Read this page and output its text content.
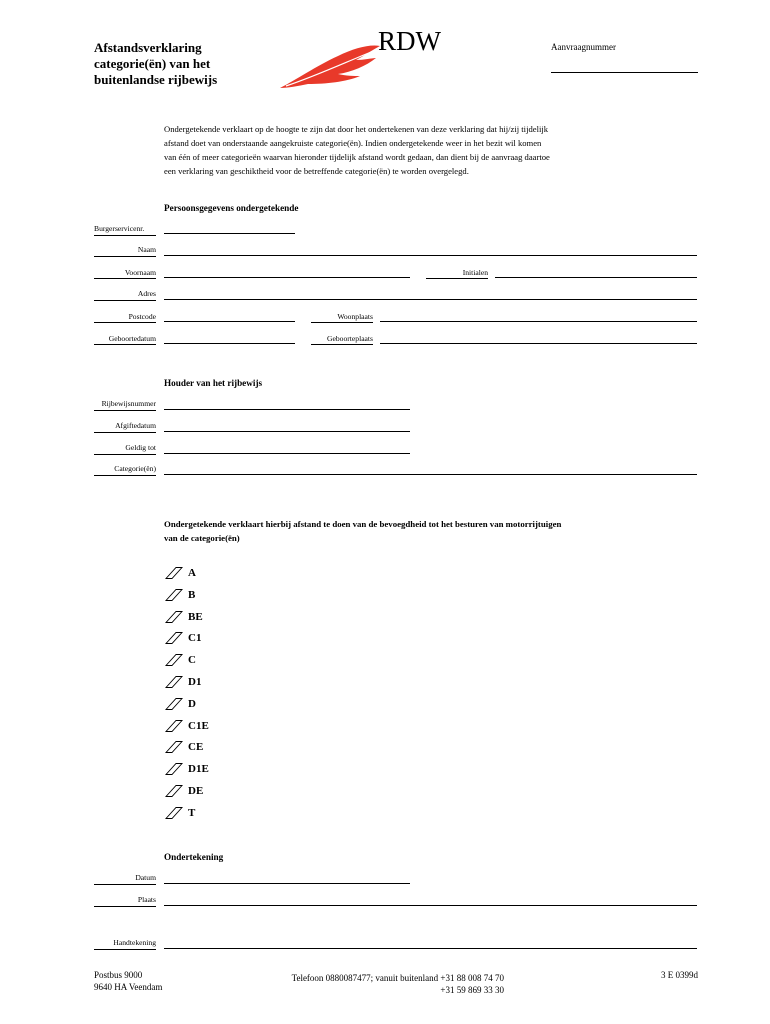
Afstandsverklaring
categorie(ën) van het
buitenlandse rijbewijs
RDW	Aanvraagnummer
Ondergetekende verklaart op de hoogte te zijn dat door het ondertekenen van deze verklaring dat hij/zij tijdelijk
afstand doet van onderstaande aangekruiste categorie(ën). Indien ondergetekende weer in het bezit wil komen
van één of meer categorieën waarvan hieronder tijdelijk afstand wordt gedaan, dan dient bij de aanvraag daartoe
een verklaring van geschiktheid voor de betreffende categorie(ën) te worden overgelegd.
Persoonsgegevens ondergetekende
Burgerservicenr.
Naam
Voornaam	Initialen
Adres
Postcode	Woonplaats
Geboortedatum	Geboorteplaats
Houder van het rijbewijs
Rijbewijsnummer
Afgiftedatum
Geldig tot
Categorie(ën)
Ondergetekende verklaart hierbij afstand te doen van de bevoegdheid tot het besturen van motorrijtuigen
van de categorie(ën)
A
B
BE
C1
C
D1
D
C1E
CE
D1E
DE
T
Ondertekening
Datum
Plaats
Handtekening
Postbus 9000
9640 HA Veendam
Telefoon 0880087477; vanuit buitenland +31 88 008 74 70
+31 59 869 33 30
3 E 0399d
